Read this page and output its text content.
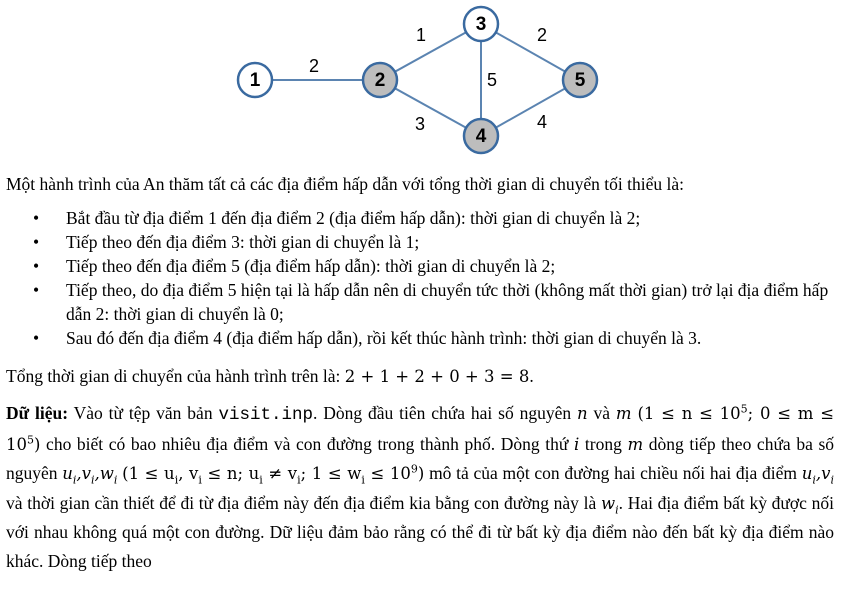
2
1
3
5
2
4
1	2
3
4
5
Một hành trình của An thăm tất cả các địa điểm hấp dẫn với tổng thời gian di chuyển tối thiểu là:
• Bắt đầu từ địa điểm 1 đến địa điểm 2 (địa điểm hấp dẫn): thời gian di chuyển là 2;
• Tiếp theo đến địa điểm 3: thời gian di chuyển là 1;
• Tiếp theo đến địa điểm 5 (địa điểm hấp dẫn): thời gian di chuyển là 2;
• Tiếp theo, do địa điểm 5 hiện tại là hấp dẫn nên di chuyển tức thời (không mất thời gian) trở lại địa điểm hấp dẫn 2: thời gian di chuyển là 0;
• Sau đó đến địa điểm 4 (địa điểm hấp dẫn), rồi kết thúc hành trình: thời gian di chuyển là 3.
Tổng thời gian di chuyển của hành trình trên là: 2 + 1 + 2 + 0 + 3 = 8.
Dữ liệu: Vào từ tệp văn bản visit.inp. Dòng đầu tiên chứa hai số nguyên n và m ($1 \le n \le 10^5$; $0 \le m \le 10^5$) cho biết có bao nhiêu địa điểm và con đường trong thành phố. Dòng thứ i trong m dòng tiếp theo chứa ba số nguyên $u_i,v_i,w_i$ ($1 \le u_i$, $v_i \le n$; $u_i \ne v_i$; $1 \le w_i \le 10^9$) mô tả của một con đường hai chiều nối hai địa điểm $u_i,v_i$ và thời gian cần thiết để đi từ địa điểm này đến địa điểm kia bằng con đường này là $w_i$. Hai địa điểm bất kỳ được nối với nhau không quá một con đường. Dữ liệu đảm bảo rằng có thể đi từ bất kỳ địa điểm nào đến bất kỳ địa điểm nào khác. Dòng tiếp theo
